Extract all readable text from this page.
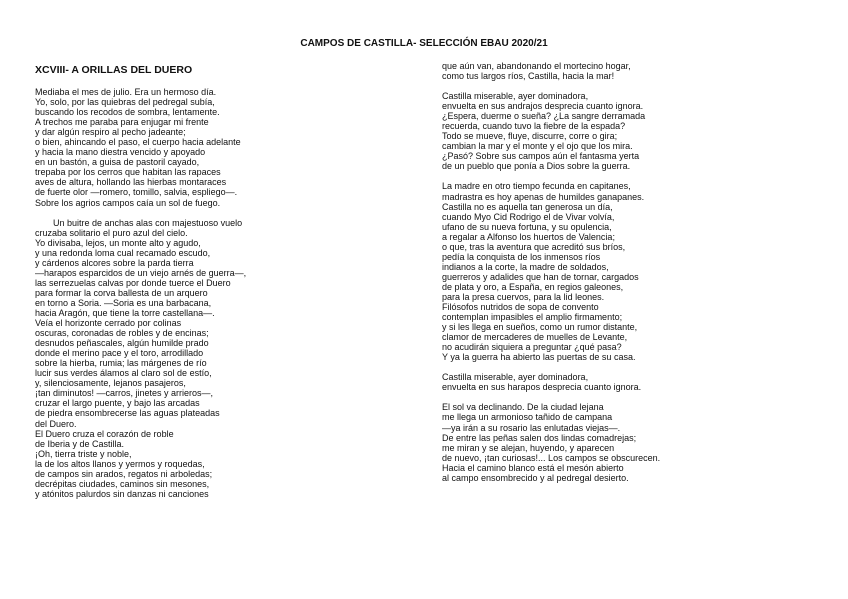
CAMPOS DE CASTILLA- SELECCIÓN EBAU 2020/21
XCVIII- A ORILLAS DEL DUERO
Mediaba el mes de julio. Era un hermoso día.
Yo, solo, por las quiebras del pedregal subía,
buscando los recodos de sombra, lentamente.
A trechos me paraba para enjugar mi frente
y dar algún respiro al pecho jadeante;
o bien, ahincando el paso, el cuerpo hacia adelante
y hacia la mano diestra vencido y apoyado
en un bastón, a guisa de pastoril cayado,
trepaba por los cerros que habitan las rapaces
aves de altura, hollando las hierbas montaraces
de fuerte olor —romero, tomillo, salvia, espliego—.
Sobre los agrios campos caía un sol de fuego.
Un buitre de anchas alas con majestuoso vuelo
cruzaba solitario el puro azul del cielo.
Yo divisaba, lejos, un monte alto y agudo,
y una redonda loma cual recamado escudo,
y cárdenos alcores sobre la parda tierra
—harapos esparcidos de un viejo arnés de guerra—,
las serrezuelas calvas por donde tuerce el Duero
para formar la corva ballesta de un arquero
en torno a Soria. —Soria es una barbacana,
hacia Aragón, que tiene la torre castellana—.
Veía el horizonte cerrado por colinas
oscuras, coronadas de robles y de encinas;
desnudos peñascales, algún humilde prado
donde el merino pace y el toro, arrodillado
sobre la hierba, rumia; las márgenes de río
lucir sus verdes álamos al claro sol de estío,
y, silenciosamente, lejanos pasajeros,
¡tan diminutos! —carros, jinetes y arrieros—,
cruzar el largo puente, y bajo las arcadas
de piedra ensombrecerse las aguas plateadas
del Duero.
El Duero cruza el corazón de roble
de Iberia y de Castilla.
¡Oh, tierra triste y noble,
la de los altos llanos y yermos y roquedas,
de campos sin arados, regatos ni arboledas;
decrépitas ciudades, caminos sin mesones,
y atónitos palurdos sin danzas ni canciones
que aún van, abandonando el mortecino hogar,
como tus largos ríos, Castilla, hacia la mar!
Castilla miserable, ayer dominadora,
envuelta en sus andrajos desprecia cuanto ignora.
¿Espera, duerme o sueña? ¿La sangre derramada
recuerda, cuando tuvo la fiebre de la espada?
Todo se mueve, fluye, discurre, corre o gira;
cambian la mar y el monte y el ojo que los mira.
¿Pasó? Sobre sus campos aún el fantasma yerta
de un pueblo que ponía a Dios sobre la guerra.
La madre en otro tiempo fecunda en capitanes,
madrastra es hoy apenas de humildes ganapanes.
Castilla no es aquella tan generosa un día,
cuando Myo Cid Rodrigo el de Vivar volvía,
ufano de su nueva fortuna, y su opulencia,
a regalar a Alfonso los huertos de Valencia;
o que, tras la aventura que acreditó sus bríos,
pedía la conquista de los inmensos ríos
indianos a la corte, la madre de soldados,
guerreros y adalides que han de tornar, cargados
de plata y oro, a España, en regios galeones,
para la presa cuervos, para la lid leones.
Filósofos nutridos de sopa de convento
contemplan impasibles el amplio firmamento;
y si les llega en sueños, como un rumor distante,
clamor de mercaderes de muelles de Levante,
no acudirán siquiera a preguntar ¿qué pasa?
Y ya la guerra ha abierto las puertas de su casa.
Castilla miserable, ayer dominadora,
envuelta en sus harapos desprecia cuanto ignora.
El sol va declinando. De la ciudad lejana
me llega un armonioso tañido de campana
—ya irán a su rosario las enlutadas viejas—.
De entre las peñas salen dos lindas comadrejas;
me miran y se alejan, huyendo, y aparecen
de nuevo, ¡tan curiosas!... Los campos se obscurecen.
Hacia el camino blanco está el mesón abierto
al campo ensombrecido y al pedregal desierto.
